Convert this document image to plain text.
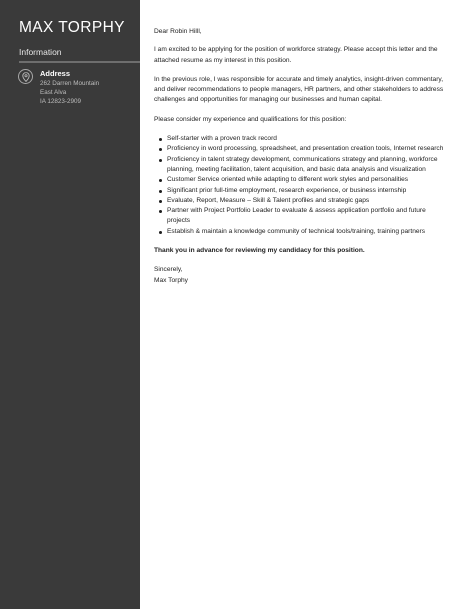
MAX TORPHY
Information
Address
262 Darren Mountain
East Alva
IA 12823-2909

Dear Robin Hilll,

I am excited to be applying for the position of workforce strategy. Please accept this letter and the attached resume as my interest in this position.

In the previous role, I was responsible for accurate and timely analytics, insight-driven commentary, and deliver recommendations to people managers, HR partners, and other stakeholders to address challenges and opportunities for managing our businesses and human capital.

Please consider my experience and qualifications for this position:

Self-starter with a proven track record
Proficiency in word processing, spreadsheet, and presentation creation tools, Internet research
Proficiency in talent strategy development, communications strategy and planning, workforce planning, meeting facilitation, talent acquisition, and basic data analysis and visualization
Customer Service oriented while adapting to different work styles and personalities
Significant prior full-time employment, research experience, or business internship
Evaluate, Report, Measure – Skill & Talent profiles and strategic gaps
Partner with Project Portfolio Leader to evaluate & assess application portfolio and future projects
Establish & maintain a knowledge community of technical tools/training, training partners

Thank you in advance for reviewing my candidacy for this position.

Sincerely,

Max Torphy
